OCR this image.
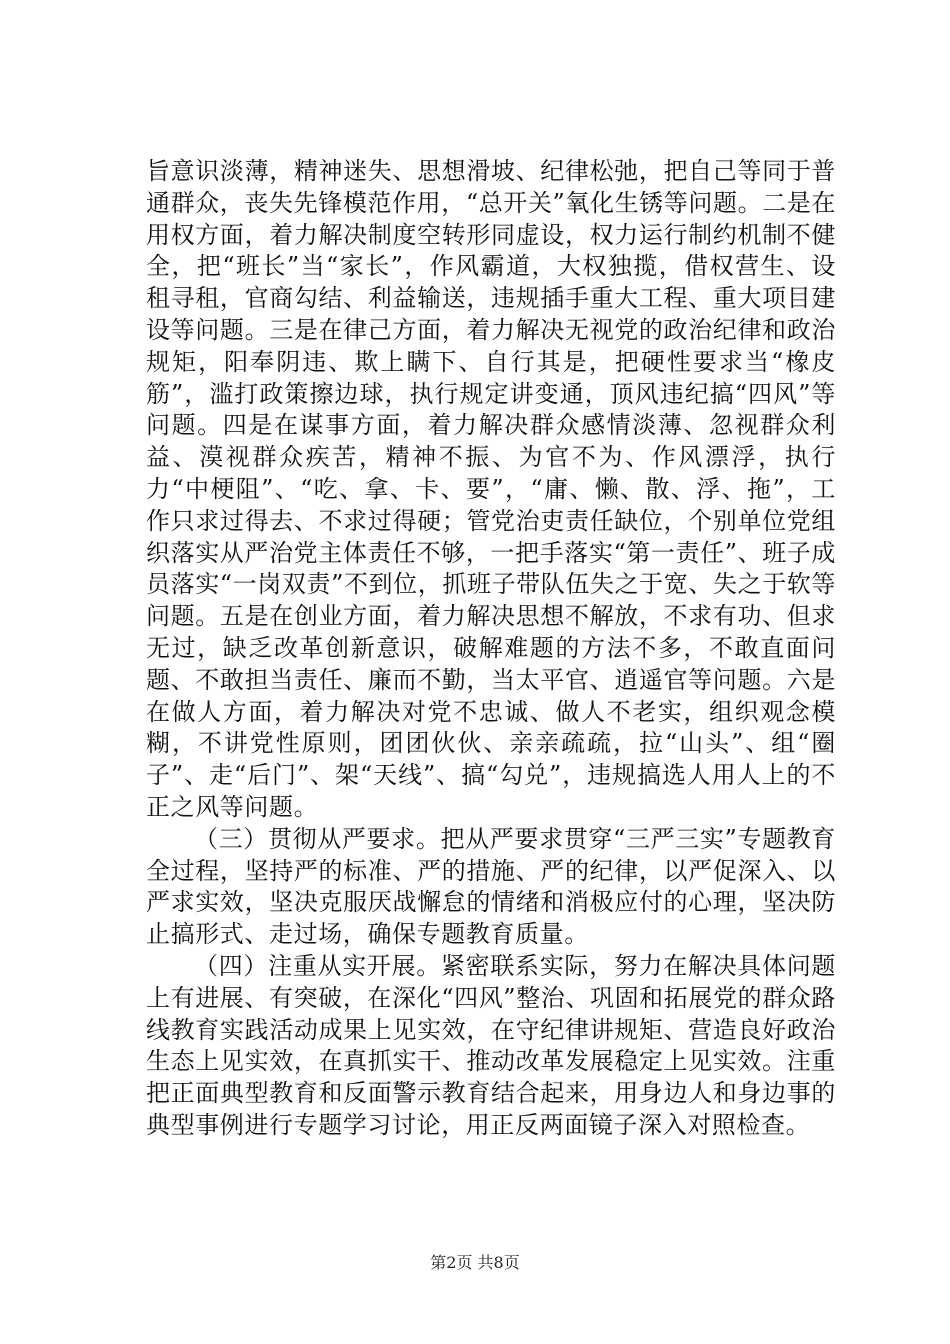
旨意识淡薄，精神迷失、思想滑坡、纪律松弛，把自己等同于普通群众，丧失先锋模范作用，“总开关”氧化生锈等问题。二是在用权方面，着力解决制度空转形同虚设，权力运行制约机制不健全，把“班长”当“家长”，作风霸道，大权独揽，借权营生、设租寻租，官商勾结、利益输送，违规插手重大工程、重大项目建设等问题。三是在律己方面，着力解决无视党的政治纪律和政治规矩，阳奉阴违、欺上瞒下、自行其是，把硬性要求当“橡皮筋”，滥打政策擦边球，执行规定讲变通，顶风违纪搞“四风”等问题。四是在谋事方面，着力解决群众感情淡薄、忽视群众利益、漠视群众疾苦，精神不振、为官不为、作风漂浮，执行力“中梗阻”、“吃、拿、卡、要”，“庸、懒、散、浮、拖”，工作只求过得去、不求过得硬；管党治吏责任缺位，个别单位党组织落实从严治党主体责任不够，一把手落实“第一责任”、班子成员落实“一岗双责”不到位，抓班子带队伍失之于宽、失之于软等问题。五是在创业方面，着力解决思想不解放，不求有功、但求无过，缺乏改革创新意识，破解难题的方法不多，不敢直面问题、不敢担当责任、廉而不勤，当太平官、逍遥官等问题。六是在做人方面，着力解决对党不忠诚、做人不老实，组织观念模糊，不讲党性原则，团团伙伙、亲亲疏疏，拉“山头”、组“圈子”、走“后门”、架“天线”、搞“勾兑”，违规搞选人用人上的不正之风等问题。

（三）贯彻从严要求。把从严要求贯穿“三严三实”专题教育全过程，坚持严的标准、严的措施、严的纪律，以严促深入、以严求实效，坚决克服厌战懈怠的情绪和消极应付的心理，坚决防止搞形式、走过场，确保专题教育质量。

（四）注重从实开展。紧密联系实际，努力在解决具体问题上有进展、有突破，在深化“四风”整治、巩固和拓展党的群众路线教育实践活动成果上见实效，在守纪律讲规矩、营造良好政治生态上见实效，在真抓实干、推动改革发展稳定上见实效。注重把正面典型教育和反面警示教育结合起来，用身边人和身边事的典型事例进行专题学习讨论，用正反两面镜子深入对照检查。

第2页 共8页
